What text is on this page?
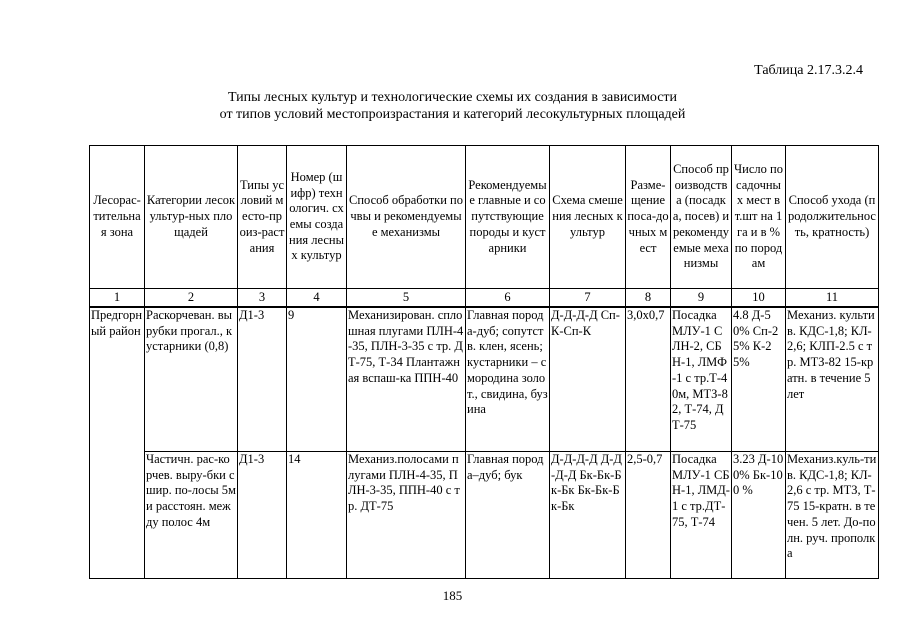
Таблица 2.17.3.2.4
Типы лесных культур и технологические схемы их создания в зависимости
от типов условий местопроизрастания и категорий лесокультурных площадей
Лесорас-тительная зона	Категории лесокультур-ных площадей	Типы условий место-произ-растания	Номер (шифр) технологич. схемы создания лесных культур	Способ обработки почвы и рекомендуемые механизмы	Рекомендуемые главные и сопутствующие породы и кустарники	Схема смешения лесных культур	Разме-щение поса-дочных мест	Способ производства (посадка, посев) и рекомендуемые механизмы	Число посадочных мест в т.шт на 1 га и в % по породам	Способ ухода (продолжительность, кратность)
1	2	3	4	5	6	7	8	9	10	11
Предгорный район	Раскорчеван. вырубки прогал., кустарники (0,8)	Д1-3	9	Механизирован. сплошная плугами ПЛН-4-35, ПЛН-3-35 с тр. ДТ-75, Т-34 Плантажная вспаш-ка ППН-40	Главная порода-дуб; сопутств. клен, ясень; кустарники – смородина золот., свидина, бузина	Д-Д-Д-Д Сп-К-Сп-К	3,0х0,7	Посадка МЛУ-1 СЛН-2, СБН-1, ЛМФ-1 с тр.Т-40м, МТЗ-82, Т-74, ДТ-75	4.8 Д-50% Сп-25% К-25%	Механиз. культив. КДС-1,8; КЛ-2,6; КЛП-2.5 с тр. МТЗ-82 15-кратн. в течение 5 лет
	Частичн. рас-корчев. выру-бки с шир. по-лосы 5м и расстоян. между полос 4м	Д1-3	14	Механиз.полосами плугами ПЛН-4-35, ПЛН-3-35, ППН-40 с тр. ДТ-75	Главная порода–дуб; бук	Д-Д-Д-Д Д-Д-Д-Д Бк-Бк-Бк-Бк Бк-Бк-Бк-Бк	2,5-0,7	Посадка МЛУ-1 СБН-1, ЛМД-1 с тр.ДТ-75, Т-74	3.23 Д-100% Бк-100 %	Механиз.куль-тив. КДС-1,8; КЛ-2,6 с тр. МТЗ, Т-75 15-кратн. в течен. 5 лет. До-полн. руч. прополка
185
